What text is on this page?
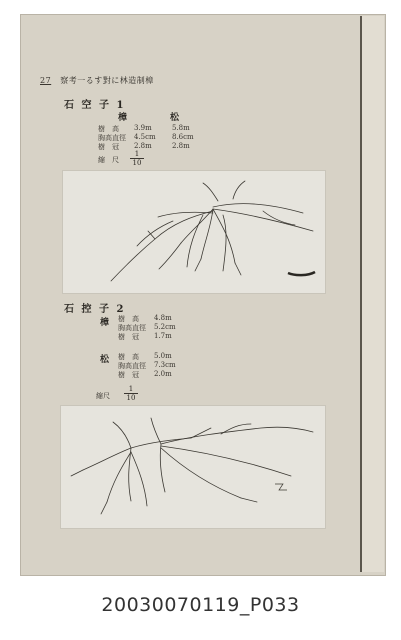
27 察考一るす對に林造制樟
石 空 子 1
樟	松
樹　高	3.9m	5.8m
胸高直徑	4.5cm	8.6cm
樹　冠	2.8m	2.8m
縮　尺 $\frac{1}{10}$
石 控 子 2
樟 樹　高	4.8m
胸高直徑	5.2cm
樹　冠	1.7m
松 樹　高	5.0m
胸高直徑	7.3cm
樹　冠	2.0m
縮尺 $\frac{1}{10}$
20030070119_P033
